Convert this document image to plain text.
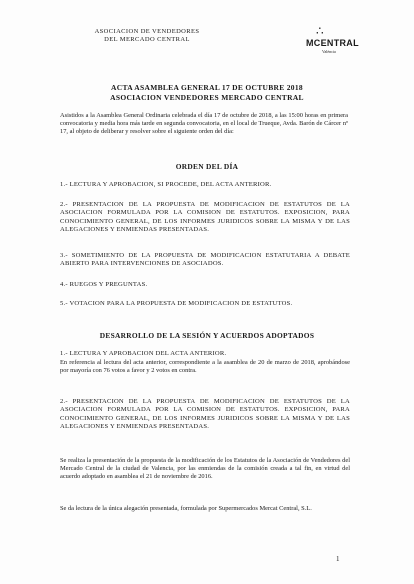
ASOCIACION DE VENDEDORES
DEL MERCADO CENTRAL
∴
MCENTRAL
València
ACTA ASAMBLEA GENERAL 17 DE OCTUBRE 2018
ASOCIACION VENDEDORES MERCADO CENTRAL
Asistidos a la Asamblea General Ordinaria celebrada el día 17 de octubre de 2018, a las 15:00 horas en primera convocatoria y media hora más tarde en segunda convocatoria, en el local de Trueque, Avda. Barón de Cárcer nº 17, al objeto de deliberar y resolver sobre el siguiente orden del día:
ORDEN DEL DÍA
1.- LECTURA Y APROBACION, SI PROCEDE, DEL ACTA ANTERIOR.
2.- PRESENTACION DE LA PROPUESTA DE MODIFICACION DE ESTATUTOS DE LA ASOCIACION FORMULADA POR LA COMISION DE ESTATUTOS. EXPOSICION, PARA CONOCIMIENTO GENERAL, DE LOS INFORMES JURIDICOS SOBRE LA MISMA Y DE LAS ALEGACIONES Y ENMIENDAS PRESENTADAS.
3.- SOMETIMIENTO DE LA PROPUESTA DE MODIFICACION ESTATUTARIA A DEBATE ABIERTO PARA INTERVENCIONES DE ASOCIADOS.
4.- RUEGOS Y PREGUNTAS.
5.- VOTACION PARA LA PROPUESTA DE MODIFICACION DE ESTATUTOS.
DESARROLLO DE LA SESIÓN Y ACUERDOS ADOPTADOS
1.- LECTURA Y APROBACION DEL ACTA ANTERIOR.
En referencia al lectura del acta anterior, correspondiente a la asamblea de 20 de marzo de 2018, aprobándose por mayoría con 76 votos a favor y 2 votos en contra.
2.- PRESENTACION DE LA PROPUESTA DE MODIFICACION DE ESTATUTOS DE LA ASOCIACION FORMULADA POR LA COMISION DE ESTATUTOS. EXPOSICION, PARA CONOCIMIENTO GENERAL, DE LOS INFORMES JURIDICOS SOBRE LA MISMA Y DE LAS ALEGACIONES Y ENMIENDAS PRESENTADAS.
Se realiza la presentación de la propuesta de la modificación de los Estatutos de la Asociación de Vendedores del Mercado Central de la ciudad de Valencia, por las enmiendas de la comisión creada a tal fin, en virtud del acuerdo adoptado en asamblea el 21 de noviembre de 2016.
Se da lectura de la única alegación presentada, formulada por Supermercados Mercat Central, S.L.
1
